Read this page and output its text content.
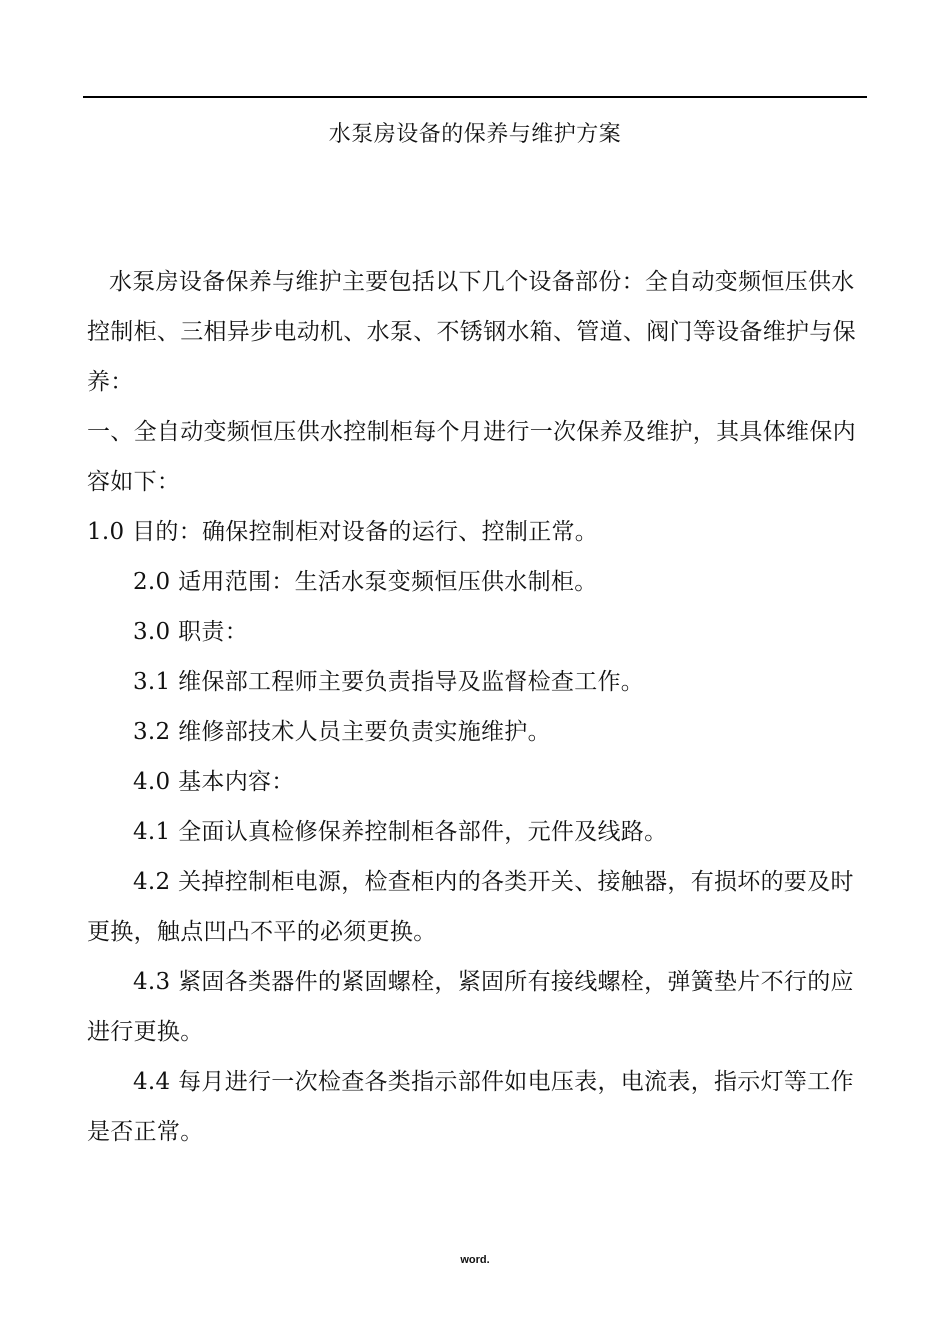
水泵房设备的保养与维护方案

水泵房设备保养与维护主要包括以下几个设备部份：全自动变频恒压供水控制柜、三相异步电动机、水泵、不锈钢水箱、管道、阀门等设备维护与保养：

一、全自动变频恒压供水控制柜每个月进行一次保养及维护，其具体维保内容如下：

1.0 目的：确保控制柜对设备的运行、控制正常。

2.0 适用范围：生活水泵变频恒压供水制柜。

3.0 职责：

3.1 维保部工程师主要负责指导及监督检查工作。

3.2 维修部技术人员主要负责实施维护。

4.0 基本内容：

4.1 全面认真检修保养控制柜各部件，元件及线路。

4.2 关掉控制柜电源，检查柜内的各类开关、接触器，有损坏的要及时更换，触点凹凸不平的必须更换。

4.3 紧固各类器件的紧固螺栓，紧固所有接线螺栓，弹簧垫片不行的应进行更换。

4.4 每月进行一次检查各类指示部件如电压表，电流表，指示灯等工作是否正常。

word.
